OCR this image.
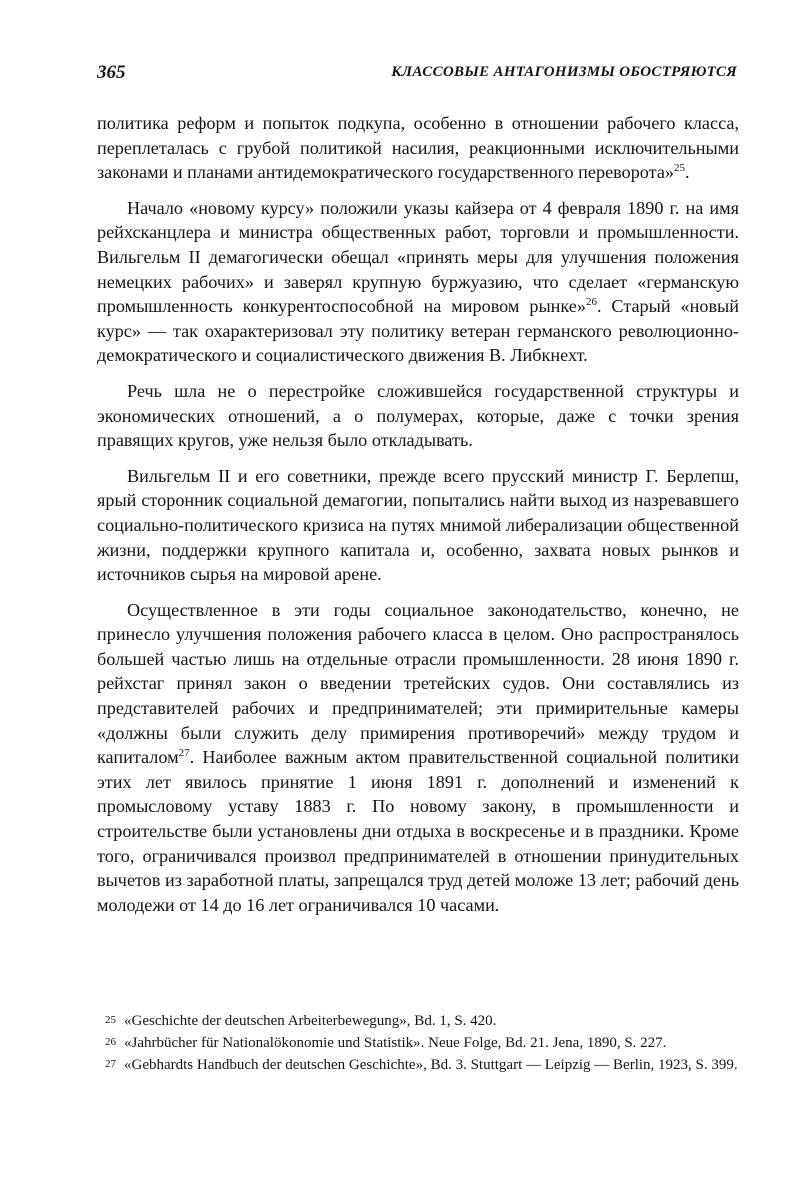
365	КЛАССОВЫЕ АНТАГОНИЗМЫ ОБОСТРЯЮТСЯ

политика реформ и попыток подкупа, особенно в отношении рабочего класса, переплеталась с грубой политикой насилия, реакционными исключительными законами и планами антидемократического государственного переворота»$^{25}$.

Начало «новому курсу» положили указы кайзера от 4 февраля 1890 г. на имя рейхсканцлера и министра общественных работ, торговли и промышленности. Вильгельм II демагогически обещал «принять меры для улучшения положения немецких рабочих» и заверял крупную буржуазию, что сделает «германскую промышленность конкурентоспособной на мировом рынке»$^{26}$. Старый «новый курс» — так охарактеризовал эту политику ветеран германского революционно-демократического и социалистического движения В. Либкнехт.

Речь шла не о перестройке сложившейся государственной структуры и экономических отношений, а о полумерах, которые, даже с точки зрения правящих кругов, уже нельзя было откладывать.

Вильгельм II и его советники, прежде всего прусский министр Г. Берлепш, ярый сторонник социальной демагогии, попытались найти выход из назревавшего социально-политического кризиса на путях мнимой либерализации общественной жизни, поддержки крупного капитала и, особенно, захвата новых рынков и источников сырья на мировой арене.

Осуществленное в эти годы социальное законодательство, конечно, не принесло улучшения положения рабочего класса в целом. Оно распространялось большей частью лишь на отдельные отрасли промышленности. 28 июня 1890 г. рейхстаг принял закон о введении третейских судов. Они составлялись из представителей рабочих и предпринимателей; эти примирительные камеры «должны были служить делу примирения противоречий» между трудом и капиталом$^{27}$. Наиболее важным актом правительственной социальной политики этих лет явилось принятие 1 июня 1891 г. дополнений и изменений к промысловому уставу 1883 г. По новому закону, в промышленности и строительстве были установлены дни отдыха в воскресенье и в праздники. Кроме того, ограничивался произвол предпринимателей в отношении принудительных вычетов из заработной платы, запрещался труд детей моложе 13 лет; рабочий день молодежи от 14 до 16 лет ограничивался 10 часами.

25 «Geschichte der deutschen Arbeiterbewegung», Bd. 1, S. 420.
26 «Jahrbücher für Nationalökonomie und Statistik». Neue Folge, Bd. 21. Jena, 1890, S. 227.
27 «Gebhardts Handbuch der deutschen Geschichte», Bd. 3. Stuttgart — Leipzig — Berlin, 1923, S. 399.
